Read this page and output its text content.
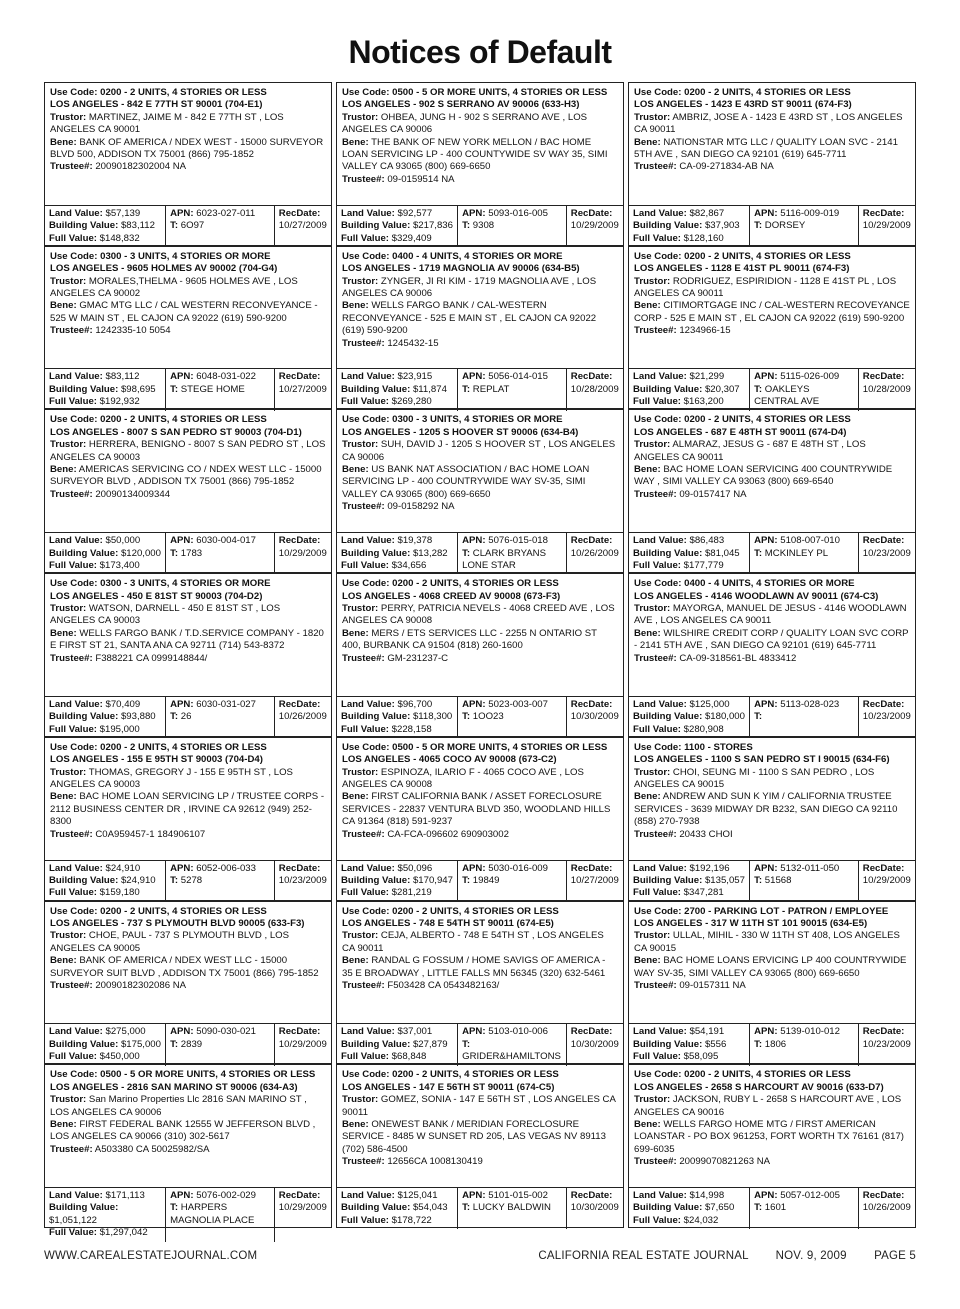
Notices of Default
Use Code: 0200 - 2 UNITS, 4 STORIES OR LESS
LOS ANGELES - 842 E 77TH ST 90001 (704-E1)
Trustor: MARTINEZ, JAIME M - 842 E 77TH ST , LOS ANGELES CA 90001
Bene: BANK OF AMERICA / NDEX WEST - 15000 SURVEYOR BLVD 500, ADDISON TX 75001 (866) 795-1852
Trustee#: 20090182302004 NA
Land Value: $57,139
Building Value: $83,112
Full Value: $148,832
APN: 6023-027-011
T: 6O97
RecDate:
10/27/2009
Use Code: 0500 - 5 OR MORE UNITS, 4 STORIES OR LESS
LOS ANGELES - 902 S SERRANO AV 90006 (633-H3)
Trustor: OHBEA, JUNG H - 902 S SERRANO AVE , LOS ANGELES CA 90006
Bene: THE BANK OF NEW YORK MELLON / BAC HOME LOAN SERVICING LP - 400 COUNTYWIDE SV WAY 35, SIMI VALLEY CA 93065 (800) 669-6650
Trustee#: 09-0159514 NA
Land Value: $92,577
Building Value: $217,836
Full Value: $329,409
APN: 5093-016-005
T: 9308
RecDate:
10/29/2009
Use Code: 0200 - 2 UNITS, 4 STORIES OR LESS
LOS ANGELES - 1423 E 43RD ST 90011 (674-F3)
Trustor: AMBRIZ, JOSE A - 1423 E 43RD ST , LOS ANGELES CA 90011
Bene: NATIONSTAR MTG LLC / QUALITY LOAN SVC - 2141 5TH AVE , SAN DIEGO CA 92101 (619) 645-7711
Trustee#: CA-09-271834-AB NA
Land Value: $82,867
Building Value: $37,903
Full Value: $128,160
APN: 5116-009-019
T: DORSEY
RecDate:
10/29/2009
Use Code: 0300 - 3 UNITS, 4 STORIES OR MORE
LOS ANGELES - 9605 HOLMES AV 90002 (704-G4)
Trustor: MORALES,THELMA - 9605 HOLMES AVE , LOS ANGELES CA 90002
Bene: GMAC MTG LLC / CAL WESTERN RECONVEYANCE - 525 W MAIN ST , EL CAJON CA 92022 (619) 590-9200
Trustee#: 1242335-10 5054
Land Value: $83,112
Building Value: $98,695
Full Value: $192,932
APN: 6048-031-022
T: STEGE HOME
RecDate:
10/27/2009
Use Code: 0400 - 4 UNITS, 4 STORIES OR MORE
LOS ANGELES - 1719 MAGNOLIA AV 90006 (634-B5)
Trustor: ZYNGER, JI RI KIM - 1719 MAGNOLIA AVE , LOS ANGELES CA 90006
Bene: WELLS FARGO BANK / CAL-WESTERN RECONVEYANCE - 525 E MAIN ST , EL CAJON CA 92022 (619) 590-9200
Trustee#: 1245432-15
Land Value: $23,915
Building Value: $11,874
Full Value: $269,280
APN: 5056-014-015
T: REPLAT
RecDate:
10/28/2009
Use Code: 0200 - 2 UNITS, 4 STORIES OR LESS
LOS ANGELES - 1128 E 41ST PL 90011 (674-F3)
Trustor: RODRIGUEZ, ESPIRIDION - 1128 E 41ST PL , LOS ANGELES CA 90011
Bene: CITIMORTGAGE INC / CAL-WESTERN RECOVEYANCE CORP - 525 E MAIN ST , EL CAJON CA 92022 (619) 590-9200
Trustee#: 1234966-15
Land Value: $21,299
Building Value: $20,307
Full Value: $163,200
APN: 5115-026-009
T: OAKLEYS CENTRAL AVE
RecDate:
10/28/2009
Use Code: 0200 - 2 UNITS, 4 STORIES OR LESS
LOS ANGELES - 8007 S SAN PEDRO ST 90003 (704-D1)
Trustor: HERRERA, BENIGNO - 8007 S SAN PEDRO ST , LOS ANGELES CA 90003
Bene: AMERICAS SERVICING CO / NDEX WEST LLC - 15000 SURVEYOR BLVD , ADDISON TX 75001 (866) 795-1852
Trustee#: 20090134009344
Land Value: $50,000
Building Value: $120,000
Full Value: $173,400
APN: 6030-004-017
T: 1783
RecDate:
10/29/2009
Use Code: 0300 - 3 UNITS, 4 STORIES OR MORE
LOS ANGELES - 1205 S HOOVER ST 90006 (634-B4)
Trustor: SUH, DAVID J - 1205 S HOOVER ST , LOS ANGELES CA 90006
Bene: US BANK NAT ASSOCIATION / BAC HOME LOAN SERVICING LP - 400 COUNTRYWIDE WAY SV-35, SIMI VALLEY CA 93065 (800) 669-6650
Trustee#: 09-0158292 NA
Land Value: $19,378
Building Value: $13,282
Full Value: $34,656
APN: 5076-015-018
T: CLARK BRYANS LONE STAR
RecDate:
10/26/2009
Use Code: 0200 - 2 UNITS, 4 STORIES OR LESS
LOS ANGELES - 687 E 48TH ST 90011 (674-D4)
Trustor: ALMARAZ, JESUS G - 687 E 48TH ST , LOS ANGELES CA 90011
Bene: BAC HOME LOAN SERVICING 400 COUNTRYWIDE WAY , SIMI VALLEY CA 93063 (800) 669-6540
Trustee#: 09-0157417 NA
Land Value: $86,483
Building Value: $81,045
Full Value: $177,779
APN: 5108-007-010
T: MCKINLEY PL
RecDate:
10/23/2009
Use Code: 0300 - 3 UNITS, 4 STORIES OR MORE
LOS ANGELES - 450 E 81ST ST 90003 (704-D2)
Trustor: WATSON, DARNELL - 450 E 81ST ST , LOS ANGELES CA 90003
Bene: WELLS FARGO BANK / T.D.SERVICE COMPANY - 1820 E FIRST ST 21, SANTA ANA CA 92711 (714) 543-8372
Trustee#: F388221 CA 0999148844/
Land Value: $70,409
Building Value: $93,880
Full Value: $195,000
APN: 6030-031-027
T: 26
RecDate:
10/26/2009
Use Code: 0200 - 2 UNITS, 4 STORIES OR LESS
LOS ANGELES - 4068 CREED AV 90008 (673-F3)
Trustor: PERRY, PATRICIA NEVELS - 4068 CREED AVE , LOS ANGELES CA 90008
Bene: MERS / ETS SERVICES LLC - 2255 N ONTARIO ST 400, BURBANK CA 91504 (818) 260-1600
Trustee#: GM-231237-C
Land Value: $96,700
Building Value: $118,300
Full Value: $228,158
APN: 5023-003-007
T: 1OO23
RecDate:
10/30/2009
Use Code: 0400 - 4 UNITS, 4 STORIES OR MORE
LOS ANGELES - 4146 WOODLAWN AV 90011 (674-C3)
Trustor: MAYORGA, MANUEL DE JESUS - 4146 WOODLAWN AVE , LOS ANGELES CA 90011
Bene: WILSHIRE CREDIT CORP / QUALITY LOAN SVC CORP - 2141 5TH AVE , SAN DIEGO CA 92101 (619) 645-7711
Trustee#: CA-09-318561-BL 4833412
Land Value: $125,000
Building Value: $180,000
Full Value: $280,908
APN: 5113-028-023
T:
RecDate:
10/23/2009
Use Code: 0200 - 2 UNITS, 4 STORIES OR LESS
LOS ANGELES - 155 E 95TH ST 90003 (704-D4)
Trustor: THOMAS, GREGORY J - 155 E 95TH ST , LOS ANGELES CA 90003
Bene: BAC HOME LOAN SERVICING LP / TRUSTEE CORPS - 2112 BUSINESS CENTER DR , IRVINE CA 92612 (949) 252-8300
Trustee#: C0A959457-1 184906107
Land Value: $24,910
Building Value: $24,910
Full Value: $159,180
APN: 6052-006-033
T: 5278
RecDate:
10/23/2009
Use Code: 0500 - 5 OR MORE UNITS, 4 STORIES OR LESS
LOS ANGELES - 4065 COCO AV 90008 (673-C2)
Trustor: ESPINOZA, ILARIO F - 4065 COCO AVE , LOS ANGELES CA 90008
Bene: FIRST CALIFORNIA BANK / ASSET FORECLOSURE SERVICES - 22837 VENTURA BLVD 350, WOODLAND HILLS CA 91364 (818) 591-9237
Trustee#: CA-FCA-096602 690903002
Land Value: $50,096
Building Value: $170,947
Full Value: $281,219
APN: 5030-016-009
T: 19849
RecDate:
10/27/2009
Use Code: 1100 - STORES
LOS ANGELES - 1100 S SAN PEDRO ST I 90015 (634-F6)
Trustor: CHOI, SEUNG MI - 1100 S SAN PEDRO , LOS ANGELES CA 90015
Bene: ANDREW AND SUN K YIM / CALIFORNIA TRUSTEE SERVICES - 3639 MIDWAY DR B232, SAN DIEGO CA 92110 (858) 270-7938
Trustee#: 20433 CHOI
Land Value: $192,196
Building Value: $135,057
Full Value: $347,281
APN: 5132-011-050
T: 51568
RecDate:
10/29/2009
Use Code: 0200 - 2 UNITS, 4 STORIES OR LESS
LOS ANGELES - 737 S PLYMOUTH BLVD 90005 (633-F3)
Trustor: CHOE, PAUL - 737 S PLYMOUTH BLVD , LOS ANGELES CA 90005
Bene: BANK OF AMERICA / NDEX WEST LLC - 15000 SURVEYOR SUIT BLVD , ADDISON TX 75001 (866) 795-1852
Trustee#: 20090182302086 NA
Land Value: $275,000
Building Value: $175,000
Full Value: $450,000
APN: 5090-030-021
T: 2839
RecDate:
10/29/2009
Use Code: 0200 - 2 UNITS, 4 STORIES OR LESS
LOS ANGELES - 748 E 54TH ST 90011 (674-E5)
Trustor: CEJA, ALBERTO - 748 E 54TH ST , LOS ANGELES CA 90011
Bene: RANDAL G FOSSUM / HOME SAVIGS OF AMERICA - 35 E BROADWAY , LITTLE FALLS MN 56345 (320) 632-5461
Trustee#: F503428 CA 0543482163/
Land Value: $37,001
Building Value: $27,879
Full Value: $68,848
APN: 5103-010-006
T: GRIDER&HAMILTONS
RecDate:
10/30/2009
Use Code: 2700 - PARKING LOT - PATRON / EMPLOYEE
LOS ANGELES - 317 W 11TH ST 101 90015 (634-E5)
Trustor: ULLAL, MIHIL - 330 W 11TH ST 408, LOS ANGELES CA 90015
Bene: BAC HOME LOANS ERVICING LP 400 COUNTRYWIDE WAY SV-35, SIMI VALLEY CA 93065 (800) 669-6650
Trustee#: 09-0157311 NA
Land Value: $54,191
Building Value: $556
Full Value: $58,095
APN: 5139-010-012
T: 1806
RecDate:
10/23/2009
Use Code: 0500 - 5 OR MORE UNITS, 4 STORIES OR LESS
LOS ANGELES - 2816 SAN MARINO ST 90006 (634-A3)
Trustor: San Marino Properties Llc 2816 SAN MARINO ST , LOS ANGELES CA 90006
Bene: FIRST FEDERAL BANK 12555 W JEFFERSON BLVD , LOS ANGELES CA 90066 (310) 302-5617
Trustee#: A503380 CA 50025982/SA
Land Value: $171,113
Building Value: $1,051,122
Full Value: $1,297,042
APN: 5076-002-029
T: HARPERS MAGNOLIA PLACE
RecDate:
10/29/2009
Use Code: 0200 - 2 UNITS, 4 STORIES OR LESS
LOS ANGELES - 147 E 56TH ST 90011 (674-C5)
Trustor: GOMEZ, SONIA - 147 E 56TH ST , LOS ANGELES CA 90011
Bene: ONEWEST BANK / MERIDIAN FORECLOSURE SERVICE - 8485 W SUNSET RD 205, LAS VEGAS NV 89113 (702) 586-4500
Trustee#: 12656CA 1008130419
Land Value: $125,041
Building Value: $54,043
Full Value: $178,722
APN: 5101-015-002
T: LUCKY BALDWIN
RecDate:
10/30/2009
Use Code: 0200 - 2 UNITS, 4 STORIES OR LESS
LOS ANGELES - 2658 S HARCOURT AV 90016 (633-D7)
Trustor: JACKSON, RUBY L - 2658 S HARCOURT AVE , LOS ANGELES CA 90016
Bene: WELLS FARGO HOME MTG / FIRST AMERICAN LOANSTAR - PO BOX 961253, FORT WORTH TX 76161 (817) 699-6035
Trustee#: 20099070821263 NA
Land Value: $14,998
Building Value: $7,650
Full Value: $24,032
APN: 5057-012-005
T: 1601
RecDate:
10/26/2009
WWW.CAREALESTATEJOURNAL.COM	CALIFORNIA REAL ESTATE JOURNAL NOV. 9, 2009 PAGE 5
